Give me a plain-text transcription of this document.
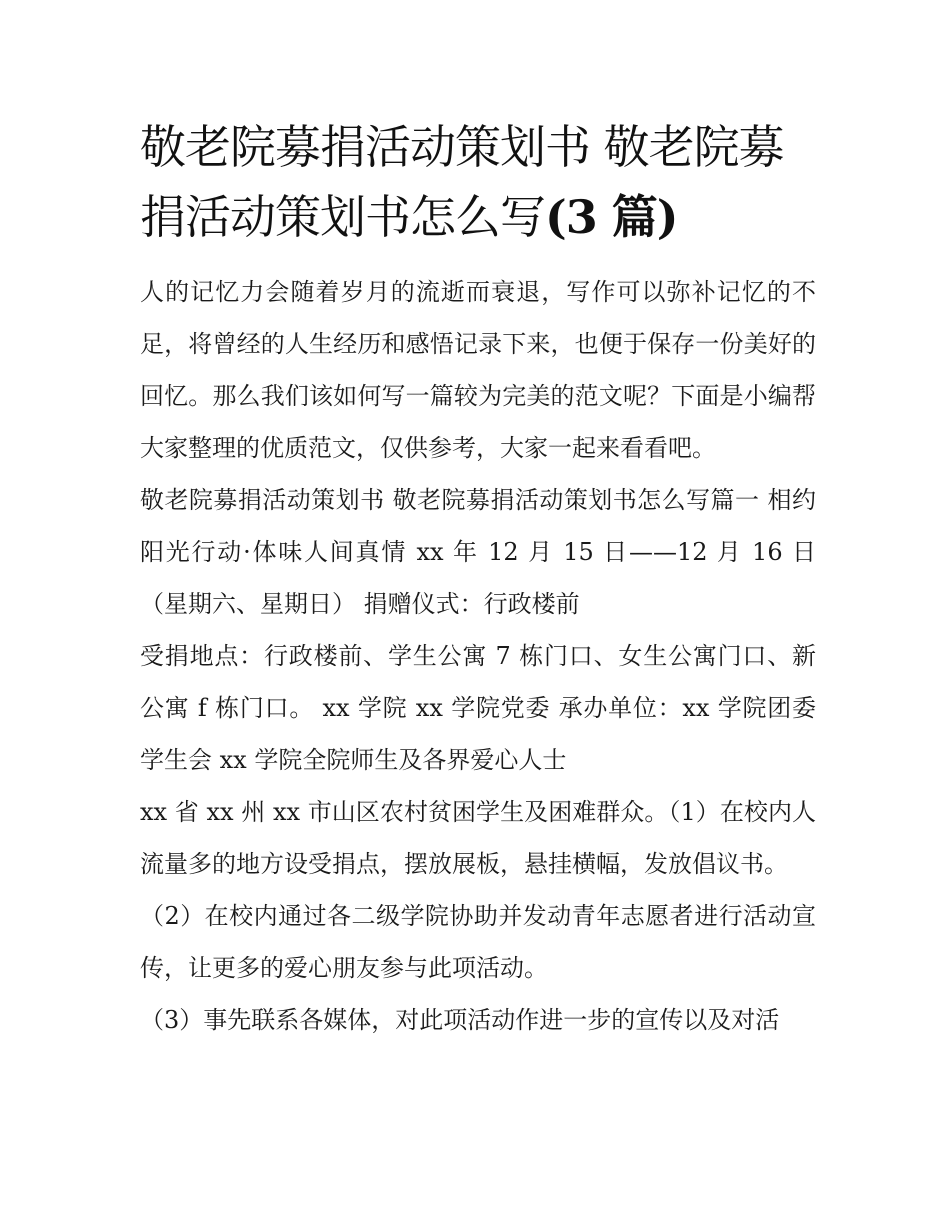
敬老院募捐活动策划书 敬老院募捐活动策划书怎么写(3 篇)

人的记忆力会随着岁月的流逝而衰退，写作可以弥补记忆的不足，将曾经的人生经历和感悟记录下来，也便于保存一份美好的回忆。那么我们该如何写一篇较为完美的范文呢？下面是小编帮大家整理的优质范文，仅供参考，大家一起来看看吧。

敬老院募捐活动策划书 敬老院募捐活动策划书怎么写篇一 相约阳光行动·体味人间真情 xx 年 12 月 15 日——12 月 16 日（星期六、星期日） 捐赠仪式：行政楼前

受捐地点：行政楼前、学生公寓 7 栋门口、女生公寓门口、新公寓 f 栋门口。 xx 学院 xx 学院党委 承办单位：xx 学院团委学生会 xx 学院全院师生及各界爱心人士

xx 省 xx 州 xx 市山区农村贫困学生及困难群众。（1）在校内人流量多的地方设受捐点，摆放展板，悬挂横幅，发放倡议书。

（2）在校内通过各二级学院协助并发动青年志愿者进行活动宣传，让更多的爱心朋友参与此项活动。

（3）事先联系各媒体，对此项活动作进一步的宣传以及对活
